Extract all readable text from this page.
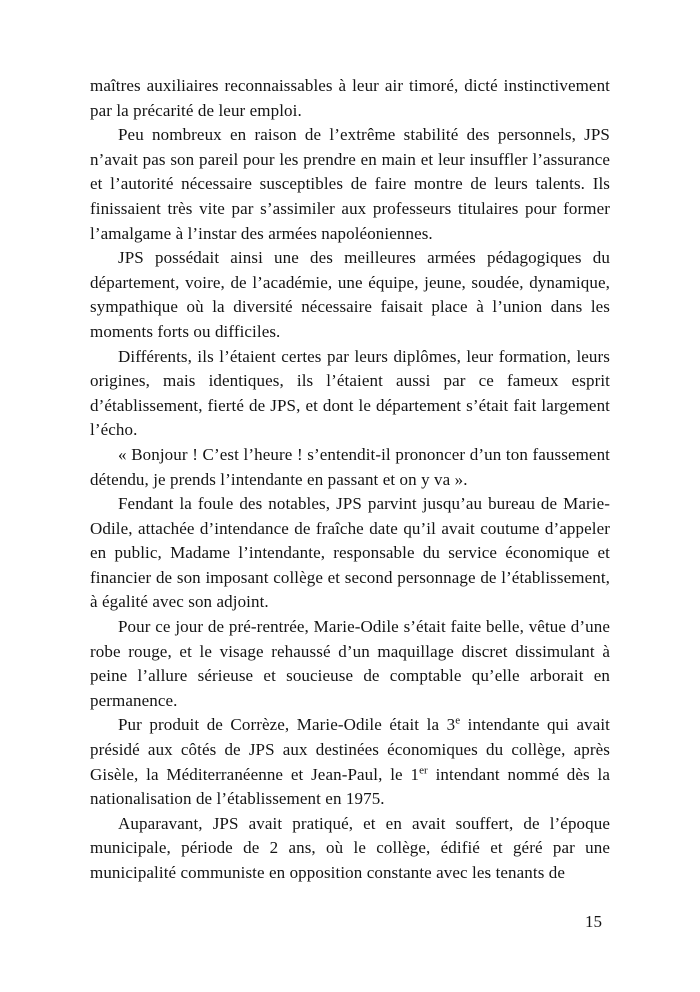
maîtres auxiliaires reconnaissables à leur air timoré, dicté instinctivement par la précarité de leur emploi.

Peu nombreux en raison de l’extrême stabilité des personnels, JPS n’avait pas son pareil pour les prendre en main et leur insuffler l’assurance et l’autorité nécessaire susceptibles de faire montre de leurs talents. Ils finissaient très vite par s’assimiler aux professeurs titulaires pour former l’amalgame à l’instar des armées napoléoniennes.

JPS possédait ainsi une des meilleures armées pédagogiques du département, voire, de l’académie, une équipe, jeune, soudée, dynamique, sympathique où la diversité nécessaire faisait place à l’union dans les moments forts ou difficiles.

Différents, ils l’étaient certes par leurs diplômes, leur formation, leurs origines, mais identiques, ils l’étaient aussi par ce fameux esprit d’établissement, fierté de JPS, et dont le département s’était fait largement l’écho.

« Bonjour ! C’est l’heure ! s’entendit-il prononcer d’un ton faussement détendu, je prends l’intendante en passant et on y va ».

Fendant la foule des notables, JPS parvint jusqu’au bureau de Marie-Odile, attachée d’intendance de fraîche date qu’il avait coutume d’appeler en public, Madame l’intendante, responsable du service économique et financier de son imposant collège et second personnage de l’établissement, à égalité avec son adjoint.

Pour ce jour de pré-rentrée, Marie-Odile s’était faite belle, vêtue d’une robe rouge, et le visage rehaussé d’un maquillage discret dissimulant à peine l’allure sérieuse et soucieuse de comptable qu’elle arborait en permanence.

Pur produit de Corrèze, Marie-Odile était la 3e intendante qui avait présidé aux côtés de JPS aux destinées économiques du collège, après Gisèle, la Méditerranéenne et Jean-Paul, le 1er intendant nommé dès la nationalisation de l’établissement en 1975.

Auparavant, JPS avait pratiqué, et en avait souffert, de l’époque municipale, période de 2 ans, où le collège, édifié et géré par une municipalité communiste en opposition constante avec les tenants de

15
